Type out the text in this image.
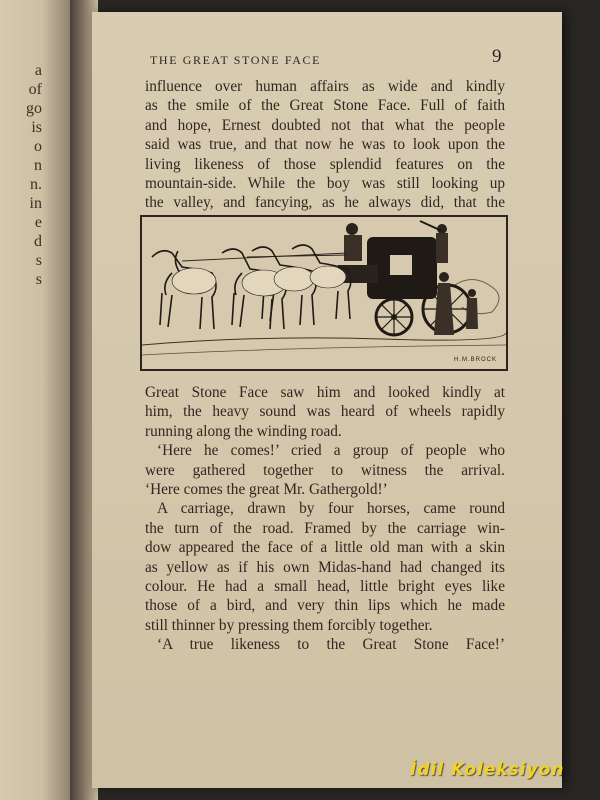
a
of
go
is
o
n
n.
in
e
d
s
s
THE GREAT STONE FACE	9
influence over human affairs as wide and kindly
as the smile of the Great Stone Face. Full of faith
and hope, Ernest doubted not that what the people
said was true, and that now he was to look upon the
living likeness of those splendid features on the
mountain-side. While the boy was still looking up
the valley, and fancying, as he always did, that the
H.M.BROCK
Great Stone Face saw him and looked kindly at
him, the heavy sound was heard of wheels rapidly
running along the winding road.
‘Here he comes!’ cried a group of people who
were gathered together to witness the arrival.
‘Here comes the great Mr. Gathergold!’
A carriage, drawn by four horses, came round
the turn of the road. Framed by the carriage win-
dow appeared the face of a little old man with a skin
as yellow as if his own Midas-hand had changed its
colour. He had a small head, little bright eyes like
those of a bird, and very thin lips which he made
still thinner by pressing them forcibly together.
‘A true likeness to the Great Stone Face!’
İdil Koleksiyon
